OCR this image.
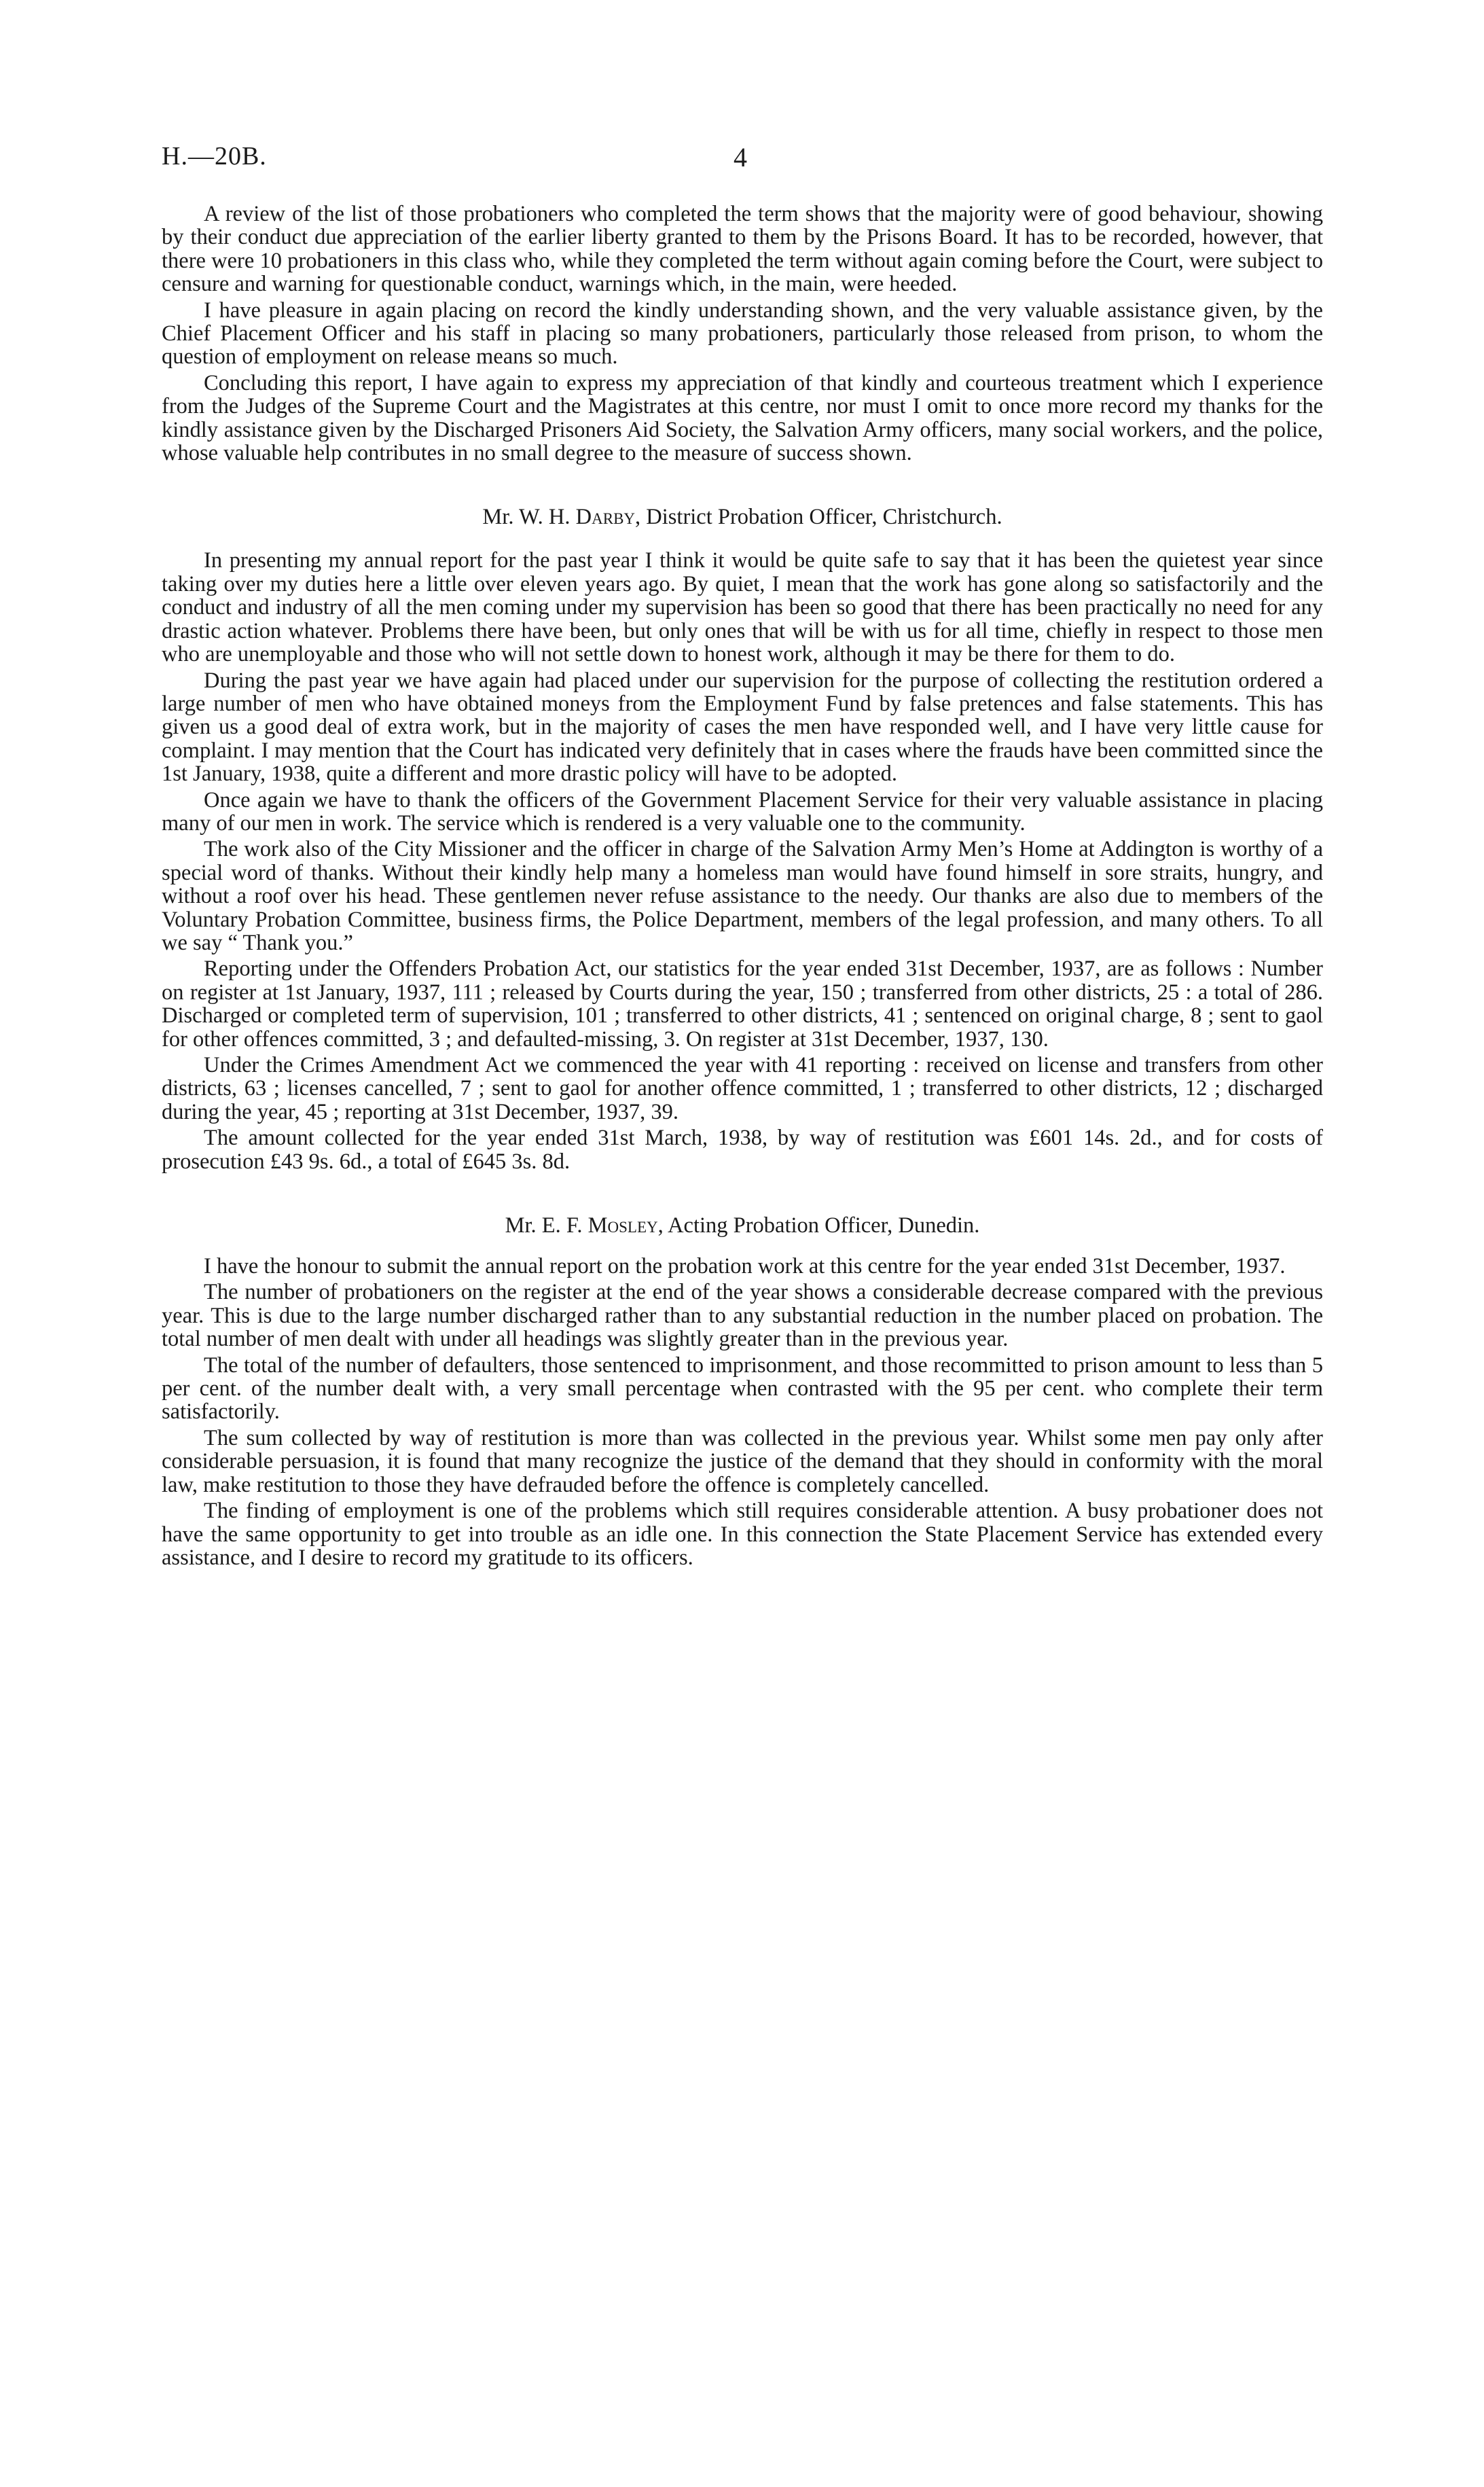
H.—20B.	4

A review of the list of those probationers who completed the term shows that the majority were of good behaviour, showing by their conduct due appreciation of the earlier liberty granted to them by the Prisons Board. It has to be recorded, however, that there were 10 probationers in this class who, while they completed the term without again coming before the Court, were subject to censure and warning for questionable conduct, warnings which, in the main, were heeded.

I have pleasure in again placing on record the kindly understanding shown, and the very valuable assistance given, by the Chief Placement Officer and his staff in placing so many probationers, particularly those released from prison, to whom the question of employment on release means so much.

Concluding this report, I have again to express my appreciation of that kindly and courteous treatment which I experience from the Judges of the Supreme Court and the Magistrates at this centre, nor must I omit to once more record my thanks for the kindly assistance given by the Discharged Prisoners Aid Society, the Salvation Army officers, many social workers, and the police, whose valuable help contributes in no small degree to the measure of success shown.

Mr. W. H. Darby, District Probation Officer, Christchurch.

In presenting my annual report for the past year I think it would be quite safe to say that it has been the quietest year since taking over my duties here a little over eleven years ago. By quiet, I mean that the work has gone along so satisfactorily and the conduct and industry of all the men coming under my supervision has been so good that there has been practically no need for any drastic action whatever. Problems there have been, but only ones that will be with us for all time, chiefly in respect to those men who are unemployable and those who will not settle down to honest work, although it may be there for them to do.

During the past year we have again had placed under our supervision for the purpose of collecting the restitution ordered a large number of men who have obtained moneys from the Employment Fund by false pretences and false statements. This has given us a good deal of extra work, but in the majority of cases the men have responded well, and I have very little cause for complaint. I may mention that the Court has indicated very definitely that in cases where the frauds have been committed since the 1st January, 1938, quite a different and more drastic policy will have to be adopted.

Once again we have to thank the officers of the Government Placement Service for their very valuable assistance in placing many of our men in work. The service which is rendered is a very valuable one to the community.

The work also of the City Missioner and the officer in charge of the Salvation Army Men’s Home at Addington is worthy of a special word of thanks. Without their kindly help many a homeless man would have found himself in sore straits, hungry, and without a roof over his head. These gentlemen never refuse assistance to the needy. Our thanks are also due to members of the Voluntary Probation Committee, business firms, the Police Department, members of the legal profession, and many others. To all we say “ Thank you.”

Reporting under the Offenders Probation Act, our statistics for the year ended 31st December, 1937, are as follows : Number on register at 1st January, 1937, 111 ; released by Courts during the year, 150 ; transferred from other districts, 25 : a total of 286. Discharged or completed term of supervision, 101 ; transferred to other districts, 41 ; sentenced on original charge, 8 ; sent to gaol for other offences committed, 3 ; and defaulted-missing, 3. On register at 31st December, 1937, 130.

Under the Crimes Amendment Act we commenced the year with 41 reporting : received on license and transfers from other districts, 63 ; licenses cancelled, 7 ; sent to gaol for another offence committed, 1 ; transferred to other districts, 12 ; discharged during the year, 45 ; reporting at 31st December, 1937, 39.

The amount collected for the year ended 31st March, 1938, by way of restitution was £601 14s. 2d., and for costs of prosecution £43 9s. 6d., a total of £645 3s. 8d.

Mr. E. F. Mosley, Acting Probation Officer, Dunedin.

I have the honour to submit the annual report on the probation work at this centre for the year ended 31st December, 1937.

The number of probationers on the register at the end of the year shows a considerable decrease compared with the previous year. This is due to the large number discharged rather than to any substantial reduction in the number placed on probation. The total number of men dealt with under all headings was slightly greater than in the previous year.

The total of the number of defaulters, those sentenced to imprisonment, and those recommitted to prison amount to less than 5 per cent. of the number dealt with, a very small percentage when contrasted with the 95 per cent. who complete their term satisfactorily.

The sum collected by way of restitution is more than was collected in the previous year. Whilst some men pay only after considerable persuasion, it is found that many recognize the justice of the demand that they should in conformity with the moral law, make restitution to those they have defrauded before the offence is completely cancelled.

The finding of employment is one of the problems which still requires considerable attention. A busy probationer does not have the same opportunity to get into trouble as an idle one. In this connection the State Placement Service has extended every assistance, and I desire to record my gratitude to its officers.
